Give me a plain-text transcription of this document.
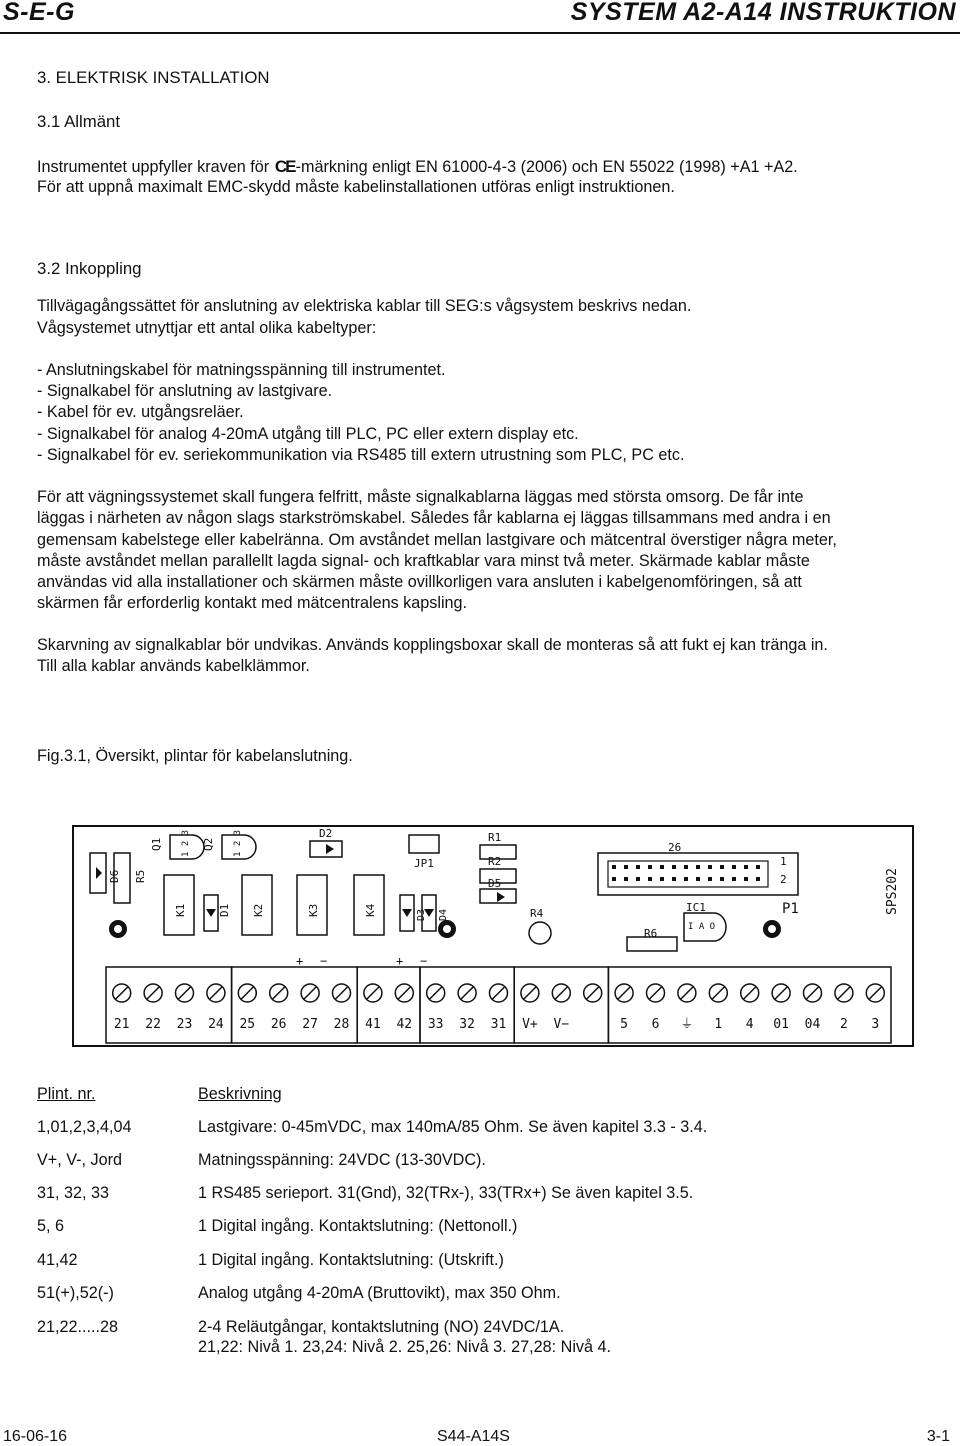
S-E-G	SYSTEM A2-A14 INSTRUKTION
3. ELEKTRISK INSTALLATION
3.1 Allmänt
Instrumentet uppfyller kraven för CE-märkning enligt EN 61000-4-3 (2006) och EN 55022 (1998) +A1 +A2.
För att uppnå maximalt EMC-skydd måste kabelinstallationen utföras enligt instruktionen.
3.2 Inkoppling
Tillvägagångssättet för anslutning av elektriska kablar till SEG:s vågsystem beskrivs nedan.
Vågsystemet utnyttjar ett antal olika kabeltyper:
- Anslutningskabel för matningsspänning till instrumentet.
- Signalkabel för anslutning av lastgivare.
- Kabel för ev. utgångsreläer.
- Signalkabel för analog 4-20mA utgång till PLC, PC eller extern display etc.
- Signalkabel för ev. seriekommunikation via RS485 till extern utrustning som PLC, PC etc.
För att vägningssystemet skall fungera felfritt, måste signalkablarna läggas med största omsorg. De får inte
läggas i närheten av någon slags starkströmskabel. Således får kablarna ej läggas tillsammans med andra i en
gemensam kabelstege eller kabelränna. Om avståndet mellan lastgivare och mätcentral överstiger några meter,
måste avståndet mellan parallellt lagda signal- och kraftkablar vara minst två meter. Skärmade kablar måste
användas vid alla installationer och skärmen måste ovillkorligen vara ansluten i kabelgenomföringen, så att
skärmen får erforderlig kontakt med mätcentralens kapsling.
Skarvning av signalkablar bör undvikas. Används kopplingsboxar skall de monteras så att fukt ej kan tränga in.
Till alla kablar används kabelklämmor.
Fig.3.1, Översikt, plintar för kabelanslutning.
Q1 1 2 3 Q2 1 2 3	D2
D6 R5
JP1
R1
R2
D5
K1	D1 K2	K3	K4	D3 D4	R4	IC1
I A O
R6
P1
26
1
2	SPS202
+ −	+ −
21 22 23 24 25 26 27 28 41 42 33 32 31 V+ V−	5 6 ⏚ 1 4 01 04 2 3
Plint. nr.	Beskrivning
1,01,2,3,4,04	Lastgivare: 0-45mVDC, max 140mA/85 Ohm. Se även kapitel 3.3 - 3.4.
V+, V-, Jord	Matningsspänning: 24VDC (13-30VDC).
31, 32, 33	1 RS485 serieport. 31(Gnd), 32(TRx-), 33(TRx+) Se även kapitel 3.5.
5, 6	1 Digital ingång. Kontaktslutning: (Nettonoll.)
41,42	1 Digital ingång. Kontaktslutning: (Utskrift.)
51(+),52(-)	Analog utgång 4-20mA (Bruttovikt), max 350 Ohm.
21,22.....28	2-4 Reläutgångar, kontaktslutning (NO) 24VDC/1A.
21,22: Nivå 1. 23,24: Nivå 2. 25,26: Nivå 3. 27,28: Nivå 4.
16-06-16	S44-A14S	3-1
